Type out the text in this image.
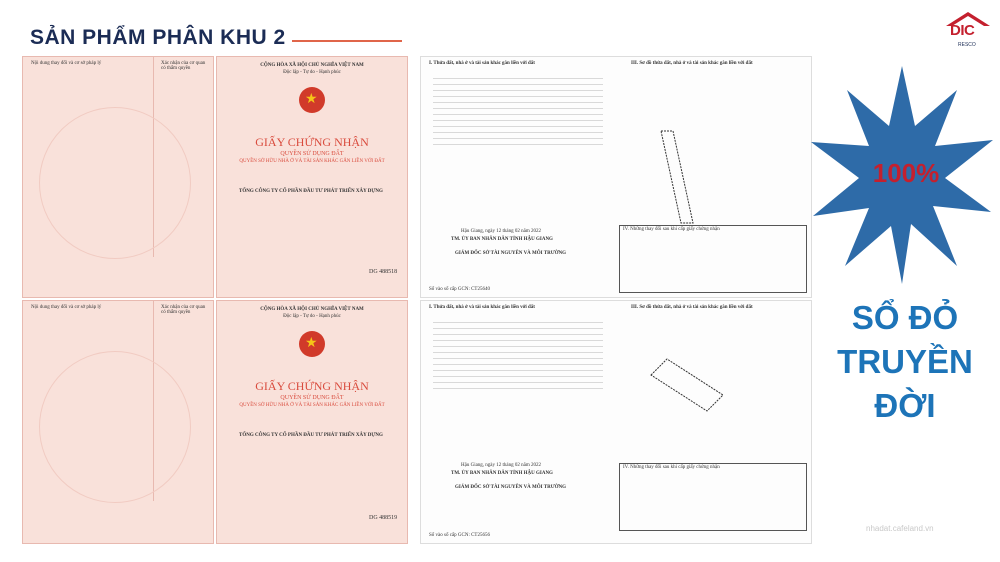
SẢN PHẨM PHÂN KHU 2	DIC
RESCO
Nội dung thay đổi và cơ sở pháp lý	Xác nhận của cơ quan có thẩm quyền
CỘNG HÒA XÃ HỘI CHỦ NGHĨA VIỆT NAM
Độc lập - Tự do - Hạnh phúc
★
GIẤY CHỨNG NHẬN
QUYỀN SỬ DỤNG ĐẤT
QUYỀN SỞ HỮU NHÀ Ở VÀ TÀI SẢN KHÁC GẮN LIỀN VỚI ĐẤT
TỔNG CÔNG TY CỔ PHẦN ĐẦU TƯ PHÁT TRIỂN XÂY DỰNG
DG 488518
Nội dung thay đổi và cơ sở pháp lý	Xác nhận của cơ quan có thẩm quyền
CỘNG HÒA XÃ HỘI CHỦ NGHĨA VIỆT NAM
Độc lập - Tự do - Hạnh phúc
★
GIẤY CHỨNG NHẬN
QUYỀN SỬ DỤNG ĐẤT
QUYỀN SỞ HỮU NHÀ Ở VÀ TÀI SẢN KHÁC GẮN LIỀN VỚI ĐẤT
TỔNG CÔNG TY CỔ PHẦN ĐẦU TƯ PHÁT TRIỂN XÂY DỰNG
DG 488519
I. Thửa đất, nhà ở và tài sản khác gắn liền với đất	III. Sơ đồ thửa đất, nhà ở và tài sản khác gắn liền với đất
Hậu Giang, ngày 12 tháng 02 năm 2022
TM. ỦY BAN NHÂN DÂN TỈNH HẬU GIANG
GIÁM ĐỐC SỞ TÀI NGUYÊN VÀ MÔI TRƯỜNG
IV. Những thay đổi sau khi cấp giấy chứng nhận
Số vào sổ cấp GCN: CT25640
I. Thửa đất, nhà ở và tài sản khác gắn liền với đất	III. Sơ đồ thửa đất, nhà ở và tài sản khác gắn liền với đất
Hậu Giang, ngày 12 tháng 02 năm 2022
TM. ỦY BAN NHÂN DÂN TỈNH HẬU GIANG
GIÁM ĐỐC SỞ TÀI NGUYÊN VÀ MÔI TRƯỜNG
IV. Những thay đổi sau khi cấp giấy chứng nhận
Số vào sổ cấp GCN: CT25656
100%
SỔ ĐỎ
TRUYỀN
ĐỜI
nhadat.cafeland.vn
